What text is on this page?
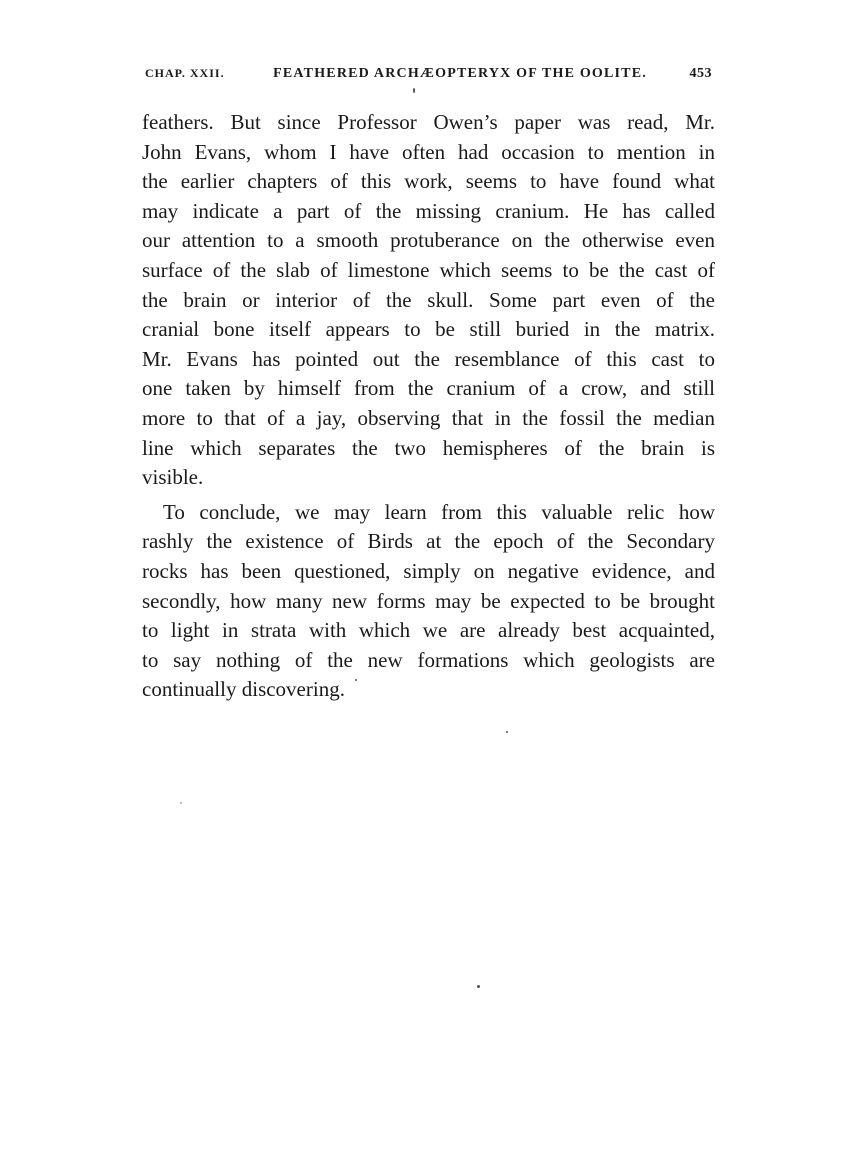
CHAP. XXII.	FEATHERED ARCHÆOPTERYX OF THE OOLITE.	453

feathers. But since Professor Owen’s paper was read, Mr.
John Evans, whom I have often had occasion to mention in
the earlier chapters of this work, seems to have found what
may indicate a part of the missing cranium. He has called
our attention to a smooth protuberance on the otherwise even
surface of the slab of limestone which seems to be the cast of
the brain or interior of the skull. Some part even of the
cranial bone itself appears to be still buried in the matrix.
Mr. Evans has pointed out the resemblance of this cast to
one taken by himself from the cranium of a crow, and still
more to that of a jay, observing that in the fossil the median
line which separates the two hemispheres of the brain is
visible.

To conclude, we may learn from this valuable relic how
rashly the existence of Birds at the epoch of the Secondary
rocks has been questioned, simply on negative evidence, and
secondly, how many new forms may be expected to be brought
to light in strata with which we are already best acquainted,
to say nothing of the new formations which geologists are
continually discovering.
